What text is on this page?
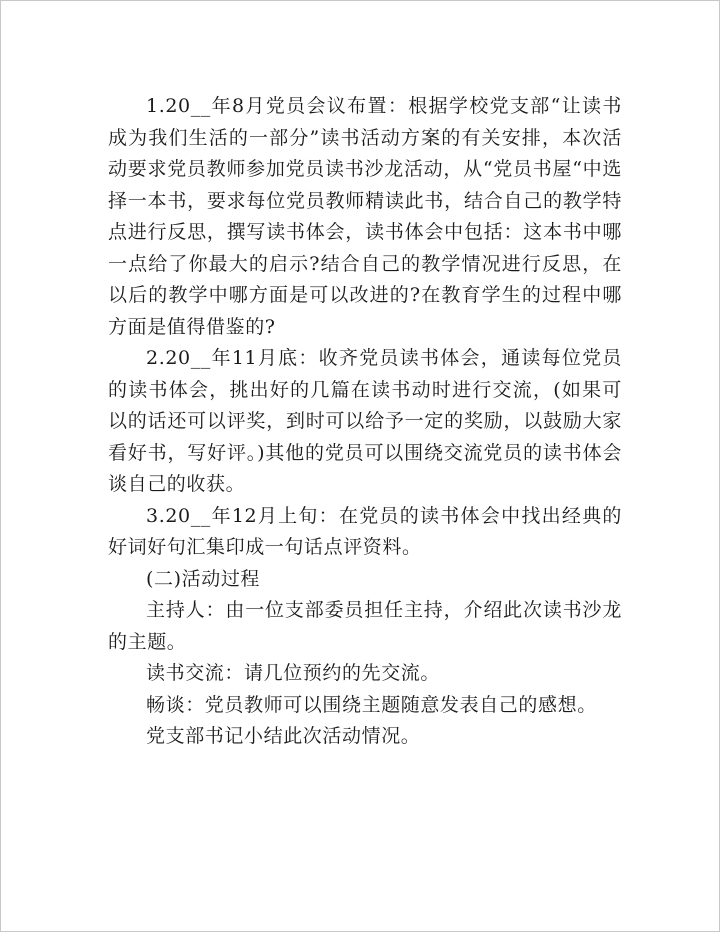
1.20__年8月党员会议布置：根据学校党支部“让读书成为我们生活的一部分”读书活动方案的有关安排，本次活动要求党员教师参加党员读书沙龙活动，从“党员书屋“中选择一本书，要求每位党员教师精读此书，结合自己的教学特点进行反思，撰写读书体会，读书体会中包括：这本书中哪一点给了你最大的启示?结合自己的教学情况进行反思，在以后的教学中哪方面是可以改进的?在教育学生的过程中哪方面是值得借鉴的?

2.20__年11月底：收齐党员读书体会，通读每位党员的读书体会，挑出好的几篇在读书动时进行交流，(如果可以的话还可以评奖，到时可以给予一定的奖励，以鼓励大家看好书，写好评。)其他的党员可以围绕交流党员的读书体会谈自己的收获。

3.20__年12月上旬：在党员的读书体会中找出经典的好词好句汇集印成一句话点评资料。

(二)活动过程

主持人：由一位支部委员担任主持，介绍此次读书沙龙的主题。

读书交流：请几位预约的先交流。

畅谈：党员教师可以围绕主题随意发表自己的感想。

党支部书记小结此次活动情况。
